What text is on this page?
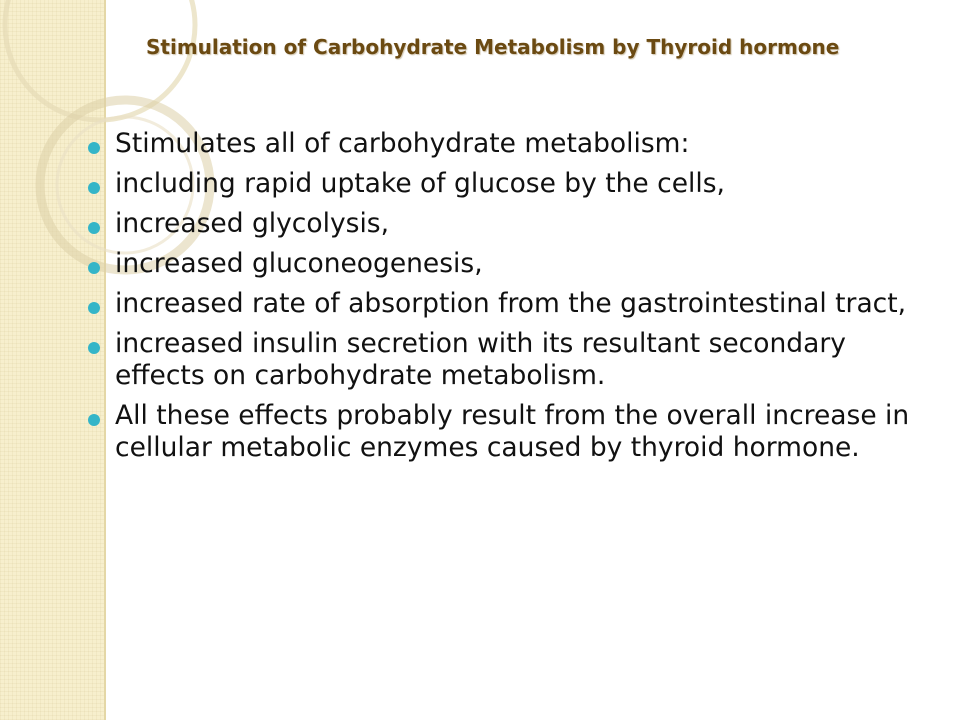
Stimulation of Carbohydrate Metabolism by Thyroid hormone
Stimulates all of carbohydrate metabolism:
including rapid uptake of glucose by the cells,
increased glycolysis,
increased gluconeogenesis,
increased rate of absorption from the gastrointestinal tract,
increased insulin secretion with its resultant secondary effects on carbohydrate metabolism.
All these effects probably result from the overall increase in cellular metabolic enzymes caused by thyroid hormone.
